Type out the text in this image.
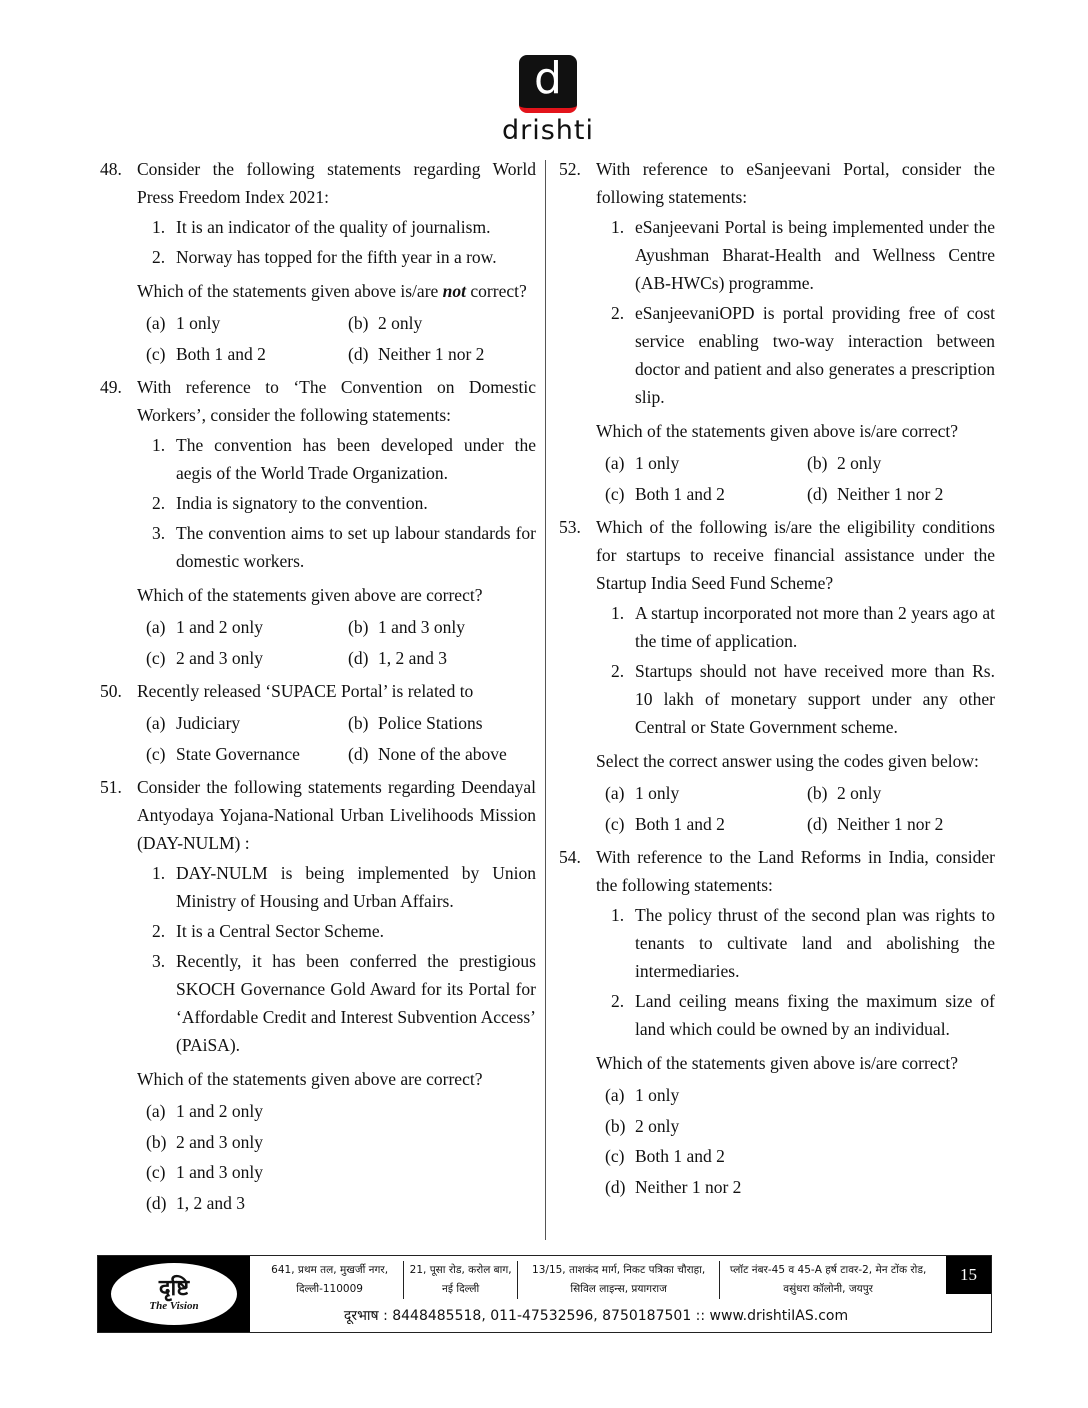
d
drishti
48. Consider the following statements regarding World Press Freedom Index 2021:
1. It is an indicator of the quality of journalism.
2. Norway has topped for the fifth year in a row.
Which of the statements given above is/are not correct?
(a) 1 only	(b) 2 only
(c) Both 1 and 2	(d) Neither 1 nor 2
49. With reference to ‘The Convention on Domestic Workers’, consider the following statements:
1. The convention has been developed under the aegis of the World Trade Organization.
2. India is signatory to the convention.
3. The convention aims to set up labour standards for domestic workers.
Which of the statements given above are correct?
(a) 1 and 2 only	(b) 1 and 3 only
(c) 2 and 3 only	(d) 1, 2 and 3
50. Recently released ‘SUPACE Portal’ is related to
(a) Judiciary	(b) Police Stations
(c) State Governance	(d) None of the above
51. Consider the following statements regarding Deendayal Antyodaya Yojana-National Urban Livelihoods Mission (DAY-NULM) :
1. DAY-NULM is being implemented by Union Ministry of Housing and Urban Affairs.
2. It is a Central Sector Scheme.
3. Recently, it has been conferred the prestigious SKOCH Governance Gold Award for its Portal for ‘Affordable Credit and Interest Subvention Access’ (PAiSA).
Which of the statements given above are correct?
(a) 1 and 2 only
(b) 2 and 3 only
(c) 1 and 3 only
(d) 1, 2 and 3
52. With reference to eSanjeevani Portal, consider the following statements:
1. eSanjeevani Portal is being implemented under the Ayushman Bharat-Health and Wellness Centre (AB-HWCs) programme.
2. eSanjeevaniOPD is portal providing free of cost service enabling two-way interaction between doctor and patient and also generates a prescription slip.
Which of the statements given above is/are correct?
(a) 1 only	(b) 2 only
(c) Both 1 and 2	(d) Neither 1 nor 2
53. Which of the following is/are the eligibility conditions for startups to receive financial assistance under the Startup India Seed Fund Scheme?
1. A startup incorporated not more than 2 years ago at the time of application.
2. Startups should not have received more than Rs. 10 lakh of monetary support under any other Central or State Government scheme.
Select the correct answer using the codes given below:
(a) 1 only	(b) 2 only
(c) Both 1 and 2	(d) Neither 1 nor 2
54. With reference to the Land Reforms in India, consider the following statements:
1. The policy thrust of the second plan was rights to tenants to cultivate land and abolishing the intermediaries.
2. Land ceiling means fixing the maximum size of land which could be owned by an individual.
Which of the statements given above is/are correct?
(a) 1 only
(b) 2 only
(c) Both 1 and 2
(d) Neither 1 nor 2
दृष्टि
The Vision
641, प्रथम तल, मुखर्जी नगर, दिल्ली-110009
21, पूसा रोड, करोल बाग, नई दिल्ली
13/15, ताशकंद मार्ग, निकट पत्रिका चौराहा, सिविल लाइन्स, प्रयागराज
प्लॉट नंबर-45 व 45-A हर्ष टावर-2, मेन टोंक रोड, वसुंधरा कॉलोनी, जयपुर
दूरभाष : 8448485518, 011-47532596, 8750187501 :: www.drishtiIAS.com
15
